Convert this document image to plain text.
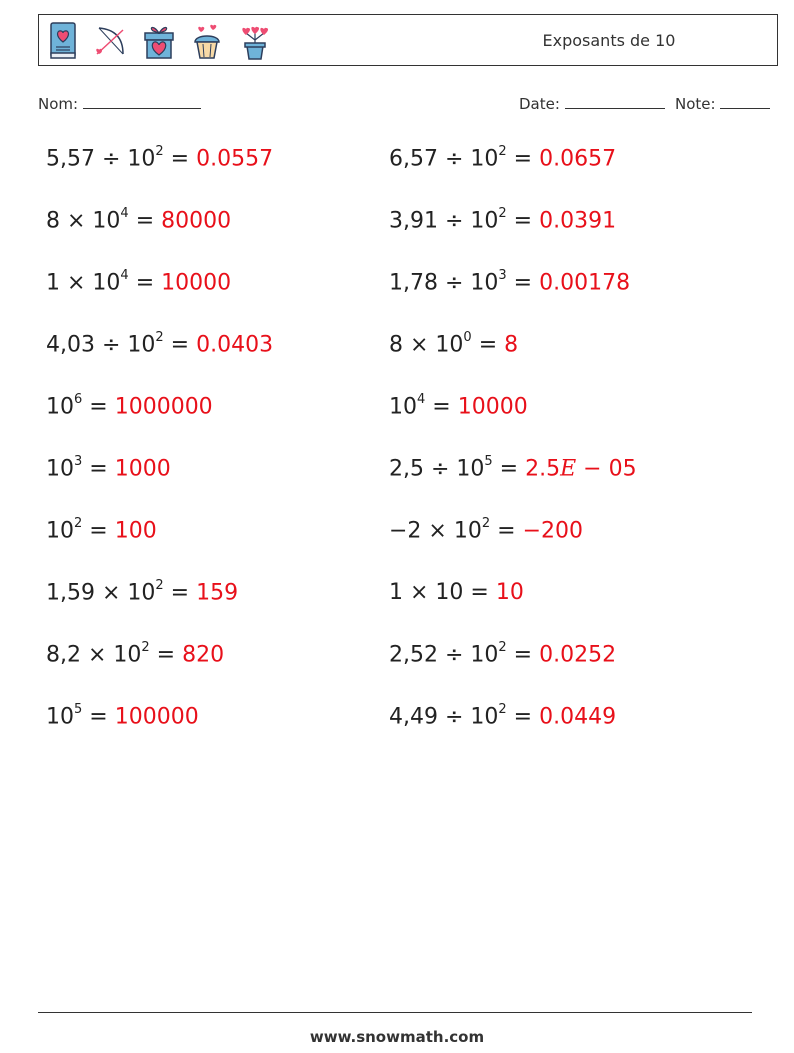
Exposants de 10
Nom:	Date:	Note:
$5,57 \div 10^2 = 0.0557$
$8 \times 10^4 = 80000$
$1 \times 10^4 = 10000$
$4,03 \div 10^2 = 0.0403$
$10^6 = 1000000$
$10^3 = 1000$
$10^2 = 100$
$1,59 \times 10^2 = 159$
$8,2 \times 10^2 = 820$
$10^5 = 100000$
$6,57 \div 10^2 = 0.0657$
$3,91 \div 10^2 = 0.0391$
$1,78 \div 10^3 = 0.00178$
$8 \times 10^0 = 8$
$10^4 = 10000$
$2,5 \div 10^5 = 2.5E - 05$
$-2 \times 10^2 = -200$
1 × 10 = 10
$2,52 \div 10^2 = 0.0252$
$4,49 \div 10^2 = 0.0449$
www.snowmath.com
